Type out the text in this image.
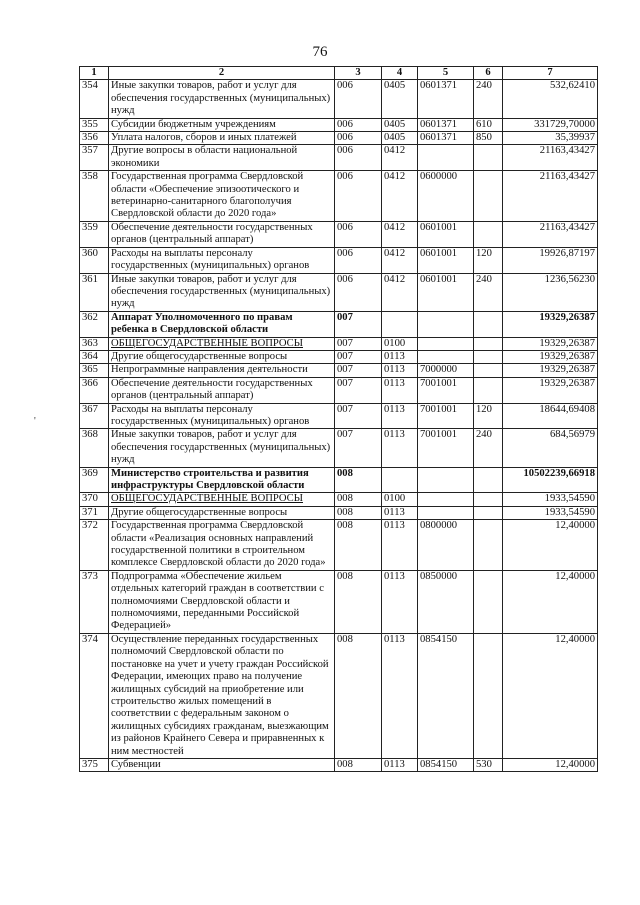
76
'
1	2	3	4	5	6	7
354	Иные закупки товаров, работ и услуг для обеспечения государственных (муниципальных) нужд	006	0405	0601371	240	532,62410
355	Субсидии бюджетным учреждениям	006	0405	0601371	610	331729,70000
356	Уплата налогов, сборов и иных платежей	006	0405	0601371	850	35,39937
357	Другие вопросы в области национальной экономики	006	0412			21163,43427
358	Государственная программа Свердловской области «Обеспечение эпизоотического и ветеринарно-санитарного благополучия Свердловской области до 2020 года»	006	0412	0600000		21163,43427
359	Обеспечение деятельности государственных органов (центральный аппарат)	006	0412	0601001		21163,43427
360	Расходы на выплаты персоналу государственных (муниципальных) органов	006	0412	0601001	120	19926,87197
361	Иные закупки товаров, работ и услуг для обеспечения государственных (муниципальных) нужд	006	0412	0601001	240	1236,56230
362	Аппарат Уполномоченного по правам ребенка в Свердловской области	007				19329,26387
363	ОБЩЕГОСУДАРСТВЕННЫЕ ВОПРОСЫ	007	0100			19329,26387
364	Другие общегосударственные вопросы	007	0113			19329,26387
365	Непрограммные направления деятельности	007	0113	7000000		19329,26387
366	Обеспечение деятельности государственных органов (центральный аппарат)	007	0113	7001001		19329,26387
367	Расходы на выплаты персоналу государственных (муниципальных) органов	007	0113	7001001	120	18644,69408
368	Иные закупки товаров, работ и услуг для обеспечения государственных (муниципальных) нужд	007	0113	7001001	240	684,56979
369	Министерство строительства и развития инфраструктуры Свердловской области	008				10502239,66918
370	ОБЩЕГОСУДАРСТВЕННЫЕ ВОПРОСЫ	008	0100			1933,54590
371	Другие общегосударственные вопросы	008	0113			1933,54590
372	Государственная программа Свердловской области «Реализация основных направлений государственной политики в строительном комплексе Свердловской области до 2020 года»	008	0113	0800000		12,40000
373	Подпрограмма «Обеспечение жильем отдельных категорий граждан в соответствии с полномочиями Свердловской области и полномочиями, переданными Российской Федерацией»	008	0113	0850000		12,40000
374	Осуществление переданных государственных полномочий Свердловской области по постановке на учет и учету граждан Российской Федерации, имеющих право на получение жилищных субсидий на приобретение или строительство жилых помещений в соответствии с федеральным законом о жилищных субсидиях гражданам, выезжающим из районов Крайнего Севера и приравненных к ним местностей	008	0113	0854150		12,40000
375	Субвенции	008	0113	0854150	530	12,40000
